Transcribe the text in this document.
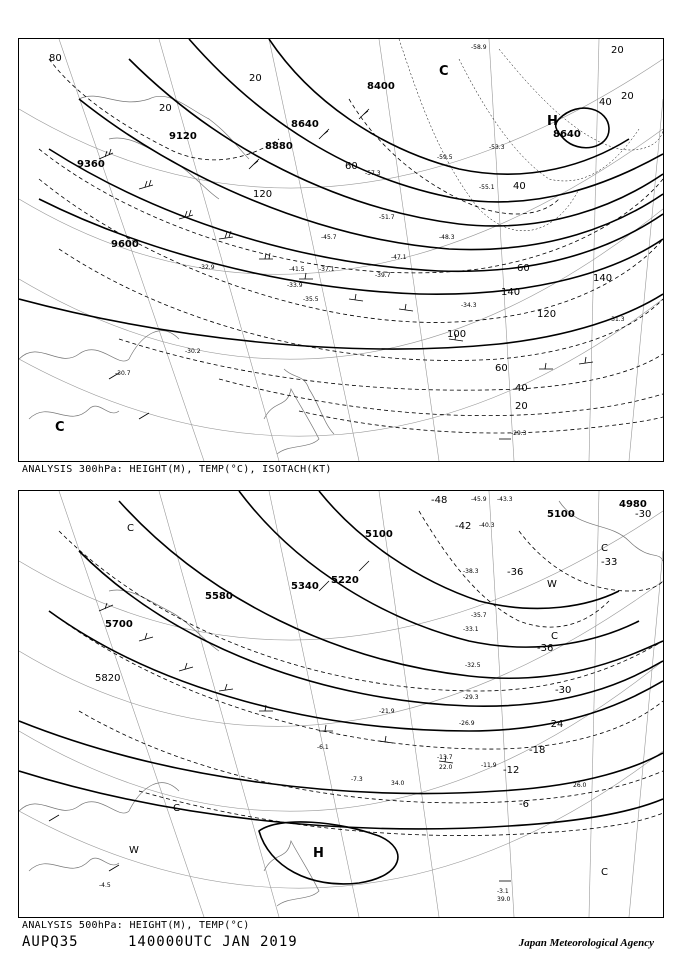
8880
8640
8640
9120
9360
9600
8400
20
20
40
60
100
120
140
140
60
40
20
60
80
20
40
20
120
H
C
C
-58.9
-57.3
-59.5
-53.3
-55.1
-51.7
-48.3
-47.1
-45.7
-41.5
-39.7
-37.1
-35.5
-34.3
-33.9
-32.9
-31.3
-30.7
-30.2
-29.3
ANALYSIS 300hPa: HEIGHT(M), TEMP(°C), ISOTACH(KT)
5100
5100
4980
5340
5220
5580
5700
5820
-48
-42
-36
-36
-30
-30
-24
-18
-12
-6
-33
H
C
C
C
C
C
W
W
-45.9 -43.3
-40.3
-38.3
-35.7
-33.1
-32.5
-29.3
-26.9
-21.9
-13.7
-11.9
-7.3
-6.1
-4.5
-3.1
39.0
26.0
22.0
34.0
ANALYSIS 500hPa: HEIGHT(M), TEMP(°C)
AUPQ35	140000UTC JAN 2019	Japan Meteorological Agency
